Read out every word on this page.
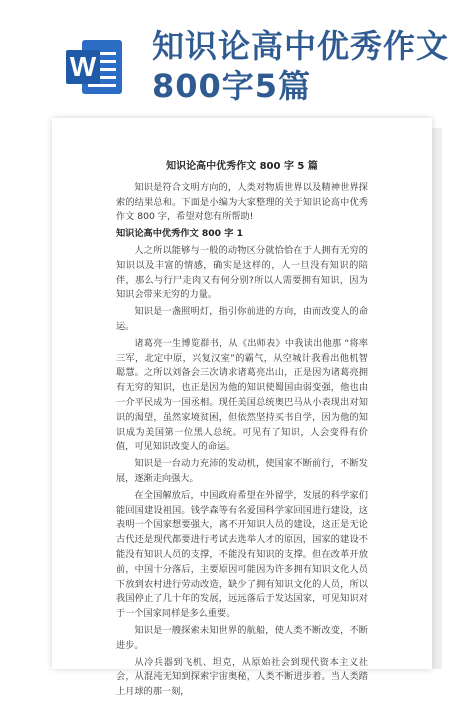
W
知识论高中优秀作文800字5篇
知识论高中优秀作文 800 字 5 篇

知识是符合文明方向的，人类对物质世界以及精神世界探索的结果总和。下面是小编为大家整理的关于知识论高中优秀作文 800 字，希望对您有所帮助!

知识论高中优秀作文 800 字 1

人之所以能够与一般的动物区分就恰恰在于人拥有无穷的知识以及丰富的情感，确实是这样的，人一旦没有知识的陪伴，那么与行尸走肉又有何分别?所以人需要拥有知识，因为知识会带来无穷的力量。

知识是一盏照明灯，指引你前进的方向，由而改变人的命运。

诸葛亮一生博览群书，从《出师表》中我读出他那 “将率三军，北定中原，兴复汉室”的霸气，从空城计我看出他机智聪慧。之所以刘备会三次请求诸葛亮出山，正是因为诸葛亮拥有无穷的知识，也正是因为他的知识使蜀国由弱变强，他也由一介平民成为一国丞相。现任美国总统奥巴马从小表现出对知识的渴望，虽然家境贫困，但依然坚持买书自学，因为他的知识成为美国第一位黑人总统。可见有了知识，人会变得有价值，可见知识改变人的命运。

知识是一台动力充沛的发动机，使国家不断前行，不断发展，逐渐走向强大。

在全国解放后，中国政府希望在外留学，发展的科学家们能回国建设祖国。钱学森等有名爱国科学家回国进行建设，这表明一个国家想要强大，离不开知识人员的建设，这正是无论古代还是现代都要进行考试去选举人才的原因，国家的建设不能没有知识人员的支撑，不能没有知识的支撑。但在改革开放前，中国十分落后，主要原因可能因为许多拥有知识文化人员下放到农村进行劳动改造，缺少了拥有知识文化的人员，所以我国停止了几十年的发展，远远落后于发达国家，可见知识对于一个国家同样是多么重要。

知识是一艘探索未知世界的航船，使人类不断改变，不断进步。

从冷兵器到飞机、坦克，从原始社会到现代资本主义社会，从混沌无知到探索宇宙奥秘，人类不断进步着。当人类踏上月球的那一刻，
